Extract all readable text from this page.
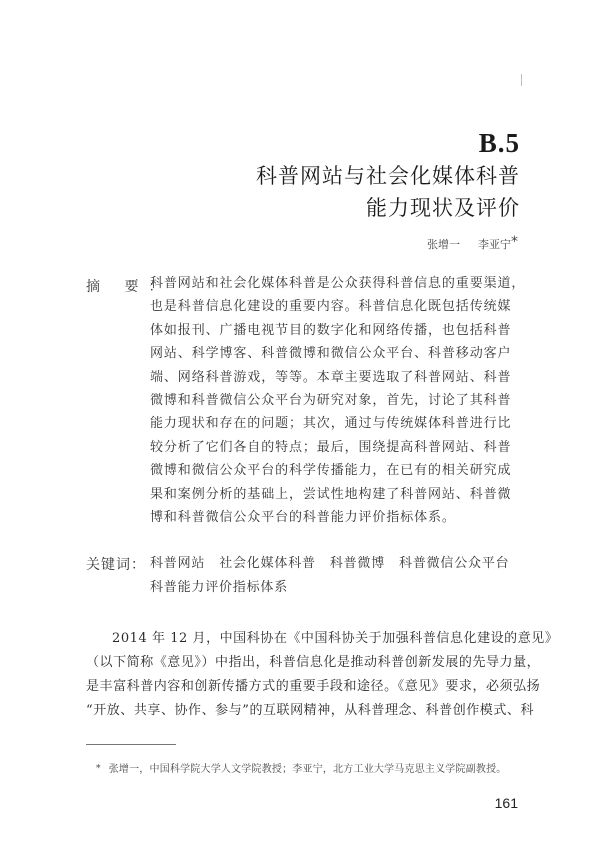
B.5
科普网站与社会化媒体科普
能力现状及评价
张增一 李亚宁*
摘 要：
科普网站和社会化媒体科普是公众获得科普信息的重要渠道，
也是科普信息化建设的重要内容。科普信息化既包括传统媒
体如报刊、广播电视节目的数字化和网络传播，也包括科普
网站、科学博客、科普微博和微信公众平台、科普移动客户
端、网络科普游戏，等等。本章主要选取了科普网站、科普
微博和科普微信公众平台为研究对象，首先，讨论了其科普
能力现状和存在的问题；其次，通过与传统媒体科普进行比
较分析了它们各自的特点；最后，围绕提高科普网站、科普
微博和微信公众平台的科学传播能力，在已有的相关研究成
果和案例分析的基础上，尝试性地构建了科普网站、科普微
博和科普微信公众平台的科普能力评价指标体系。
关键词： 科普网站 社会化媒体科普 科普微博 科普微信公众平台
科普能力评价指标体系
2014 年 12 月，中国科协在《中国科协关于加强科普信息化建设的意见》
（以下简称《意见》）中指出，科普信息化是推动科普创新发展的先导力量，
是丰富科普内容和创新传播方式的重要手段和途径。《意见》要求，必须弘扬
“开放、共享、协作、参与”的互联网精神，从科普理念、科普创作模式、科
* 张增一，中国科学院大学人文学院教授；李亚宁，北方工业大学马克思主义学院副教授。
161
